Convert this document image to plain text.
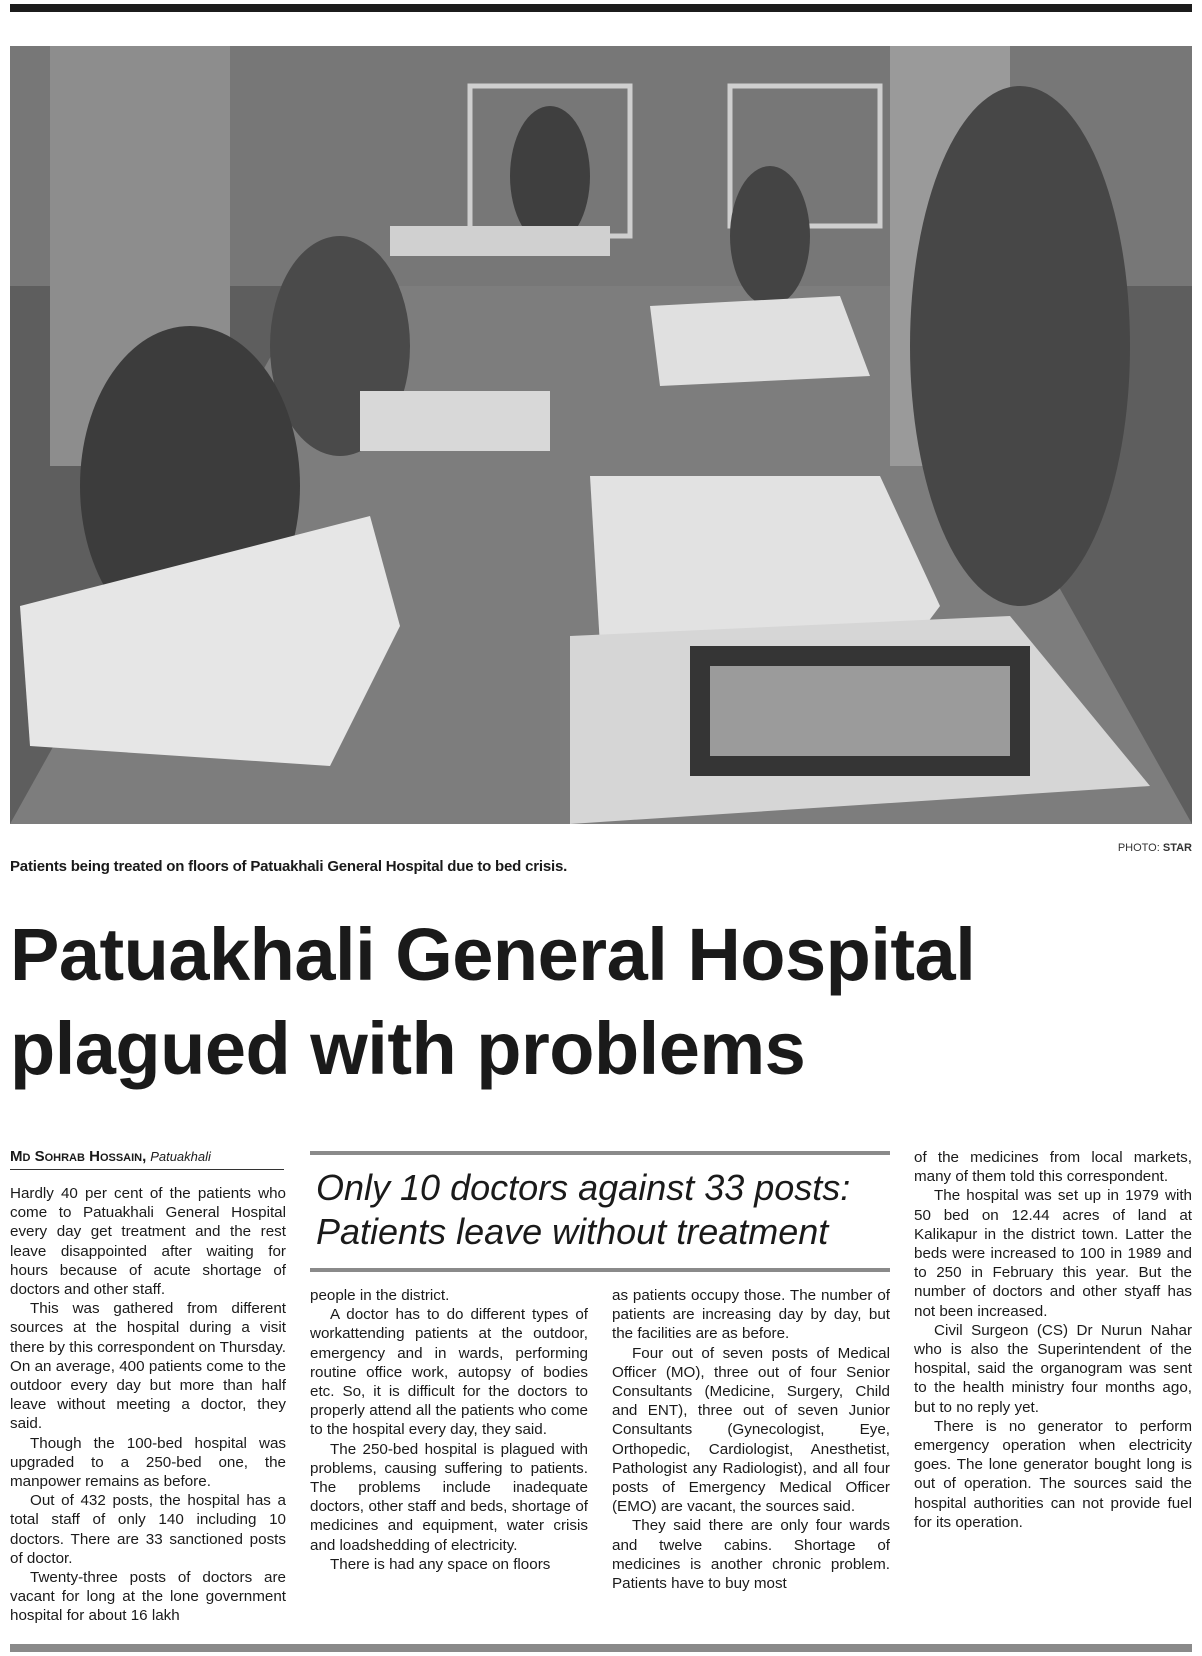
PHOTO: STAR
Patients being treated on floors of Patuakhali General Hospital due to bed crisis.
Patuakhali General Hospital
plagued with problems
Md Sohrab Hossain, Patuakhali
Only 10 doctors against 33 posts:
Patients leave without treatment

Hardly 40 per cent of the patients who come to Patuakhali General Hospital every day get treatment and the rest leave disappointed after waiting for hours because of acute shortage of doctors and other staff.

This was gathered from different sources at the hospital during a visit there by this correspondent on Thursday. On an average, 400 patients come to the outdoor every day but more than half leave without meeting a doctor, they said.

Though the 100-bed hospital was upgraded to a 250-bed one, the manpower remains as before.

Out of 432 posts, the hospital has a total staff of only 140 including 10 doctors. There are 33 sanctioned posts of doctor.

Twenty-three posts of doctors are vacant for long at the lone government hospital for about 16 lakh

people in the district.

A doctor has to do different types of workattending patients at the outdoor, emergency and in wards, performing routine office work, autopsy of bodies etc. So, it is difficult for the doctors to properly attend all the patients who come to the hospital every day, they said.

The 250-bed hospital is plagued with problems, causing suffering to patients. The problems include inadequate doctors, other staff and beds, shortage of medicines and equipment, water crisis and loadshedding of electricity.

There is had any space on floors

as patients occupy those. The number of patients are increasing day by day, but the facilities are as before.

Four out of seven posts of Medical Officer (MO), three out of four Senior Consultants (Medicine, Surgery, Child and ENT), three out of seven Junior Consultants (Gynecologist, Eye, Orthopedic, Cardiologist, Anesthetist, Pathologist any Radiologist), and all four posts of Emergency Medical Officer (EMO) are vacant, the sources said.

They said there are only four wards and twelve cabins. Shortage of medicines is another chronic problem. Patients have to buy most

of the medicines from local markets, many of them told this correspondent.

The hospital was set up in 1979 with 50 bed on 12.44 acres of land at Kalikapur in the district town. Latter the beds were increased to 100 in 1989 and to 250 in February this year. But the number of doctors and other styaff has not been increased.

Civil Surgeon (CS) Dr Nurun Nahar who is also the Superintendent of the hospital, said the organogram was sent to the health ministry four months ago, but to no reply yet.

There is no generator to perform emergency operation when electricity goes. The lone generator bought long is out of operation. The sources said the hospital authorities can not provide fuel for its operation.
